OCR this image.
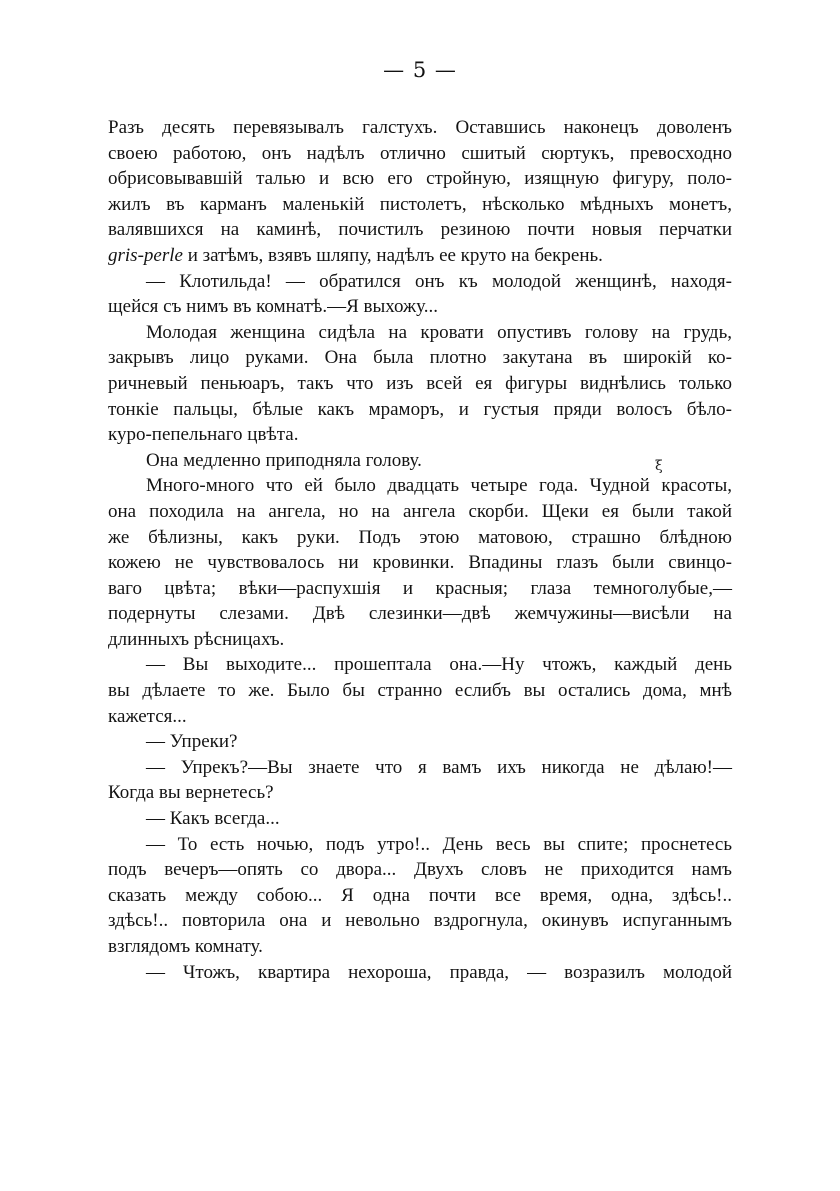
— 5 —
Разъ десять перевязывалъ галстухъ. Оставшись наконецъ доволенъ
своею работою, онъ надѣлъ отлично сшитый сюртукъ, превосходно
обрисовывавшій талью и всю его стройную, изящную фигуру, поло-
жилъ въ карманъ маленькій пистолетъ, нѣсколько мѣдныхъ монетъ,
валявшихся на каминѣ, почистилъ резиною почти новыя перчатки
gris-perle и затѣмъ, взявъ шляпу, надѣлъ ее круто на бекрень.
— Клотильда! — обратился онъ къ молодой женщинѣ, находя-
щейся съ нимъ въ комнатѣ.—Я выхожу...
Молодая женщина сидѣла на кровати опустивъ голову на грудь,
закрывъ лицо руками. Она была плотно закутана въ широкій ко-
ричневый пеньюаръ, такъ что изъ всей ея фигуры виднѣлись только
тонкіе пальцы, бѣлые какъ мраморъ, и густыя пряди волосъ бѣло-
куро-пепельнаго цвѣта.
Она медленно приподняла голову.
Много-много что ей было двадцать четыре года. Чудной красоты,
она походила на ангела, но на ангела скорби. Щеки ея были такой
же бѣлизны, какъ руки. Подъ этою матовою, страшно блѣдною
кожею не чувствовалось ни кровинки. Впадины глазъ были свинцо-
ваго цвѣта; вѣки—распухшія и красныя; глаза темноголубые,—
подернуты слезами. Двѣ слезинки—двѣ жемчужины—висѣли на
длинныхъ рѣсницахъ.
— Вы выходите... прошептала она.—Ну чтожъ, каждый день
вы дѣлаете то же. Было бы странно еслибъ вы остались дома, мнѣ
кажется...
— Упреки?
— Упрекъ?—Вы знаете что я вамъ ихъ никогда не дѣлаю!—
Когда вы вернетесь?
— Какъ всегда...
— То есть ночью, подъ утро!.. День весь вы спите; проснетесь
подъ вечеръ—опять со двора... Двухъ словъ не приходится намъ
сказать между собою... Я одна почти все время, одна, здѣсь!..
здѣсь!.. повторила она и невольно вздрогнула, окинувъ испуганнымъ
взглядомъ комнату.
— Чтожъ, квартира нехороша, правда, — возразилъ молодой
ξ
